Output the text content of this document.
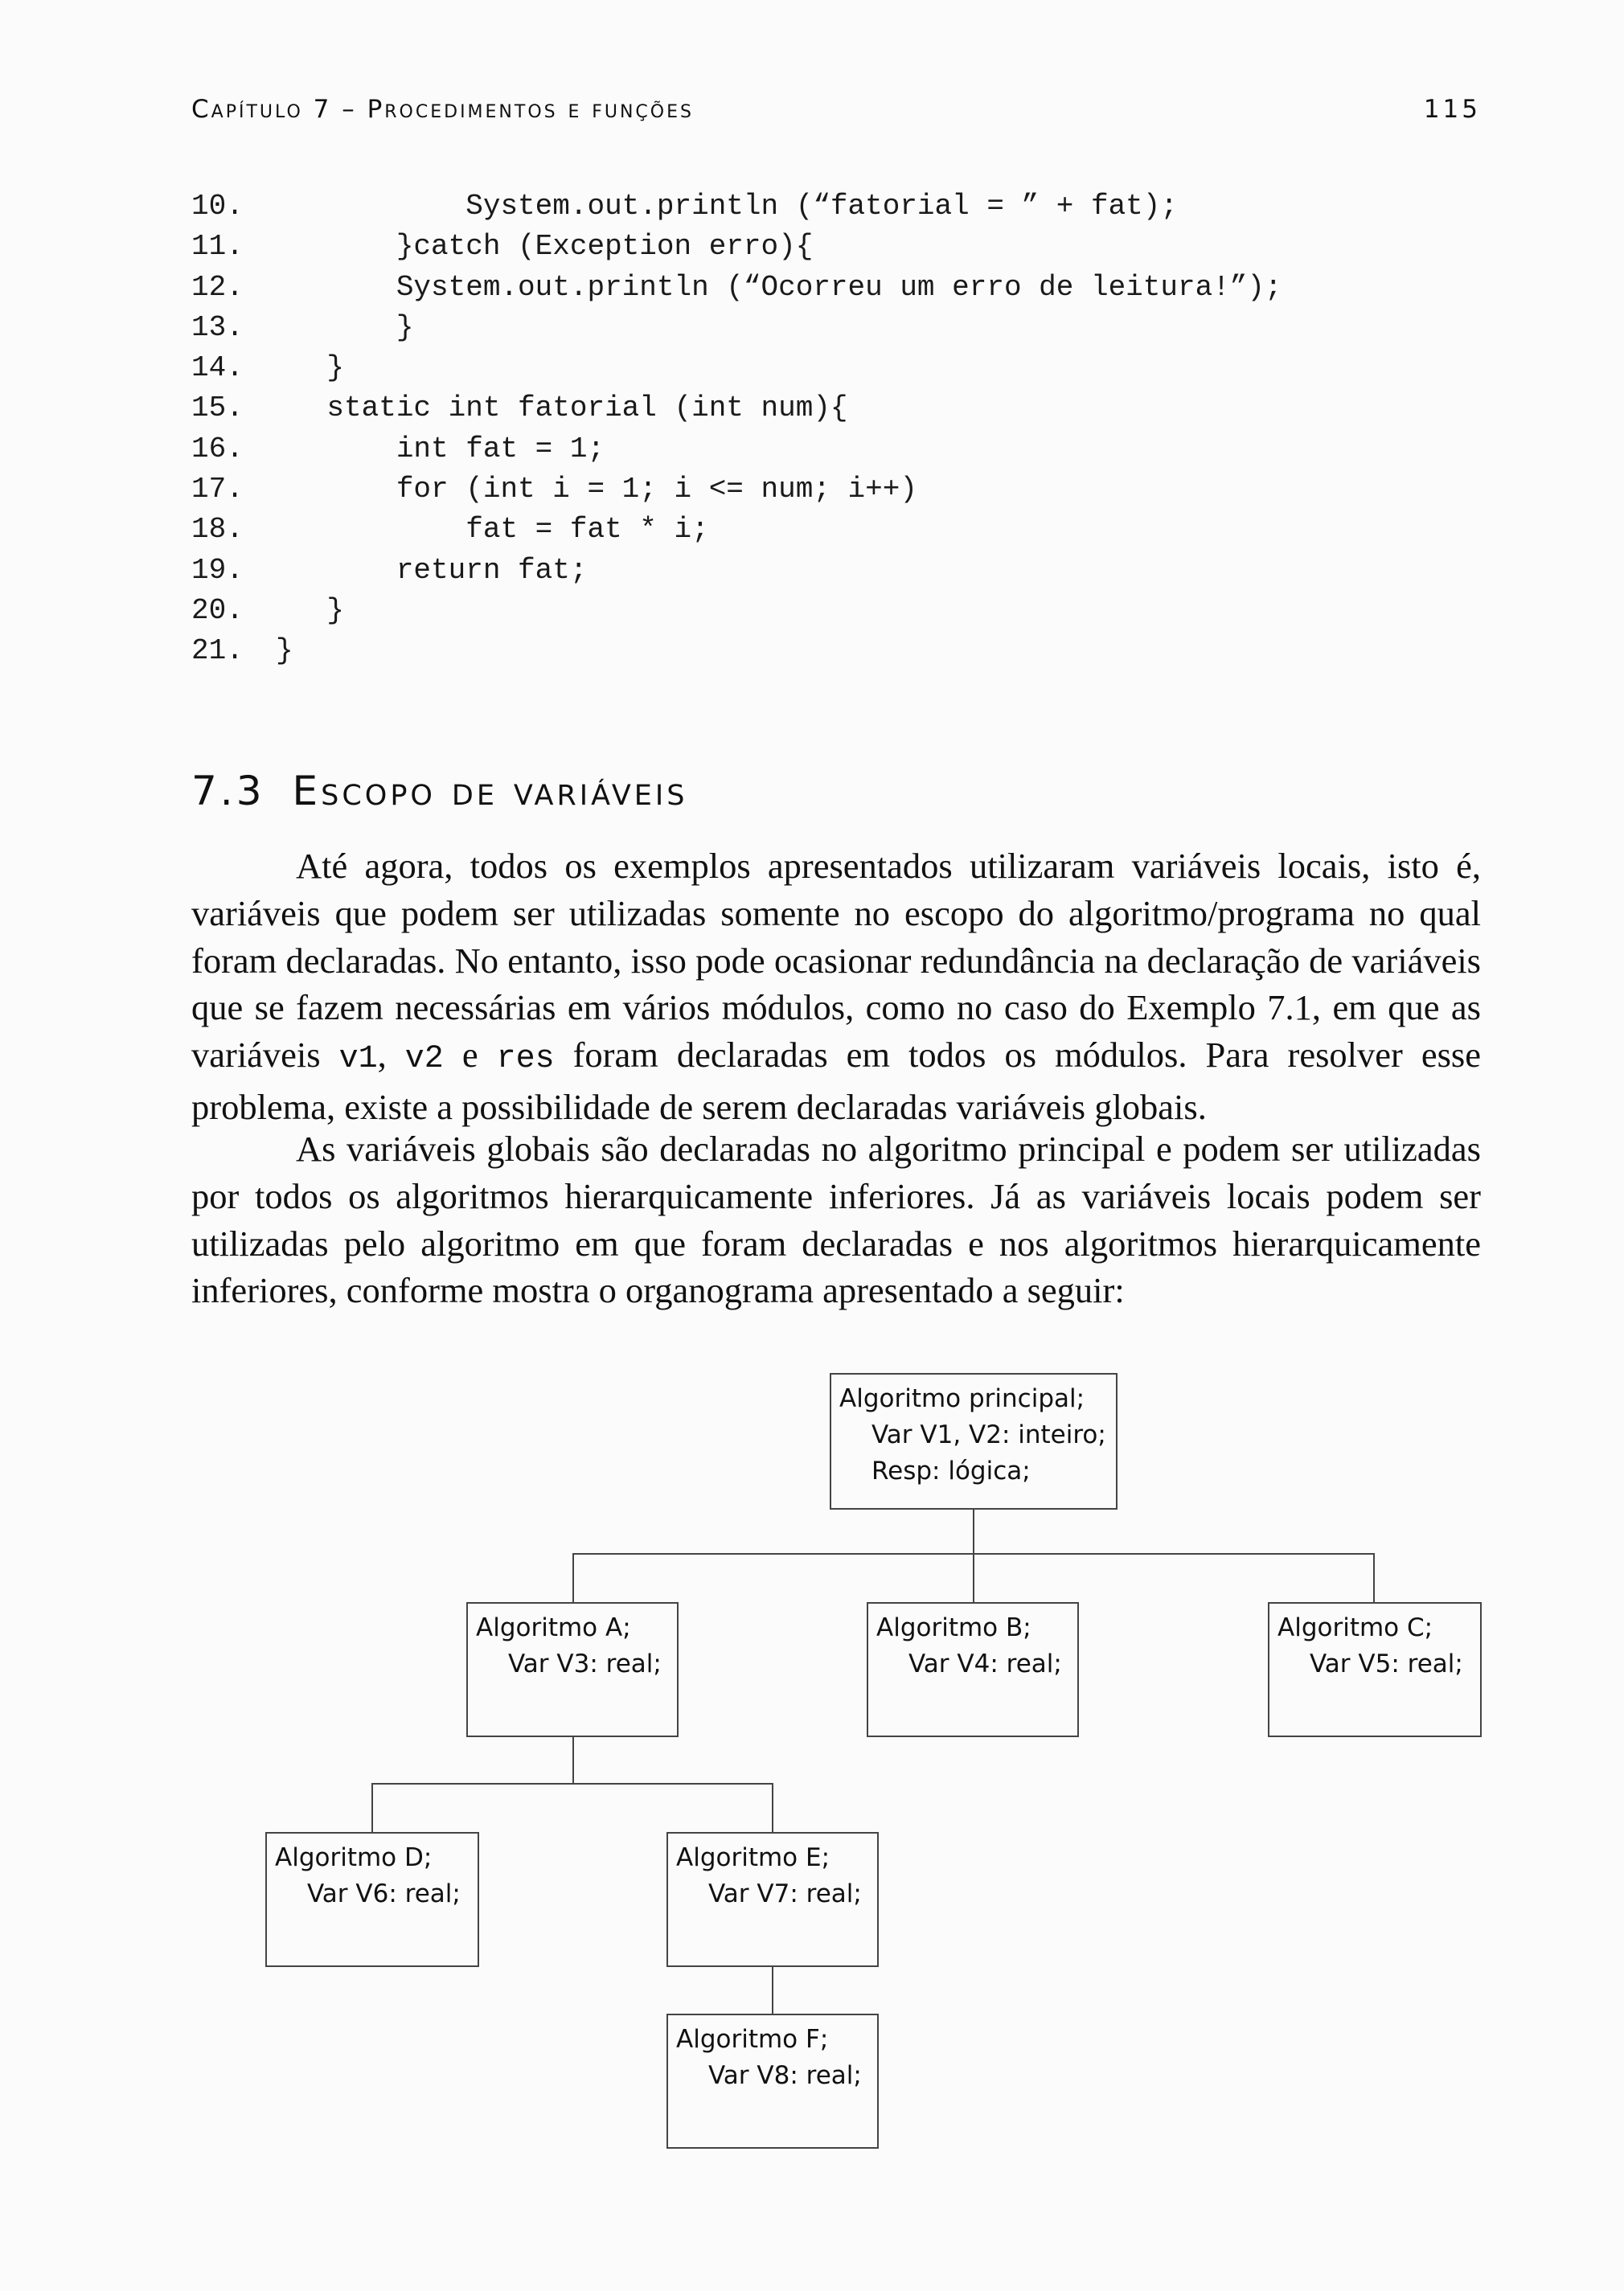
Capítulo 7 – Procedimentos e funções	115
10. System.out.println (“fatorial = ” + fat);
11. }catch (Exception erro){
12. System.out.println (“Ocorreu um erro de leitura!”);
13. }
14. }
15. static int fatorial (int num){
16. int fat = 1;
17. for (int i = 1; i <= num; i++)
18. fat = fat * i;
19. return fat;
20. }
21. }
7.3 Escopo de variáveis

Até agora, todos os exemplos apresentados utilizaram variáveis locais, isto é, variáveis que podem ser utilizadas somente no escopo do algoritmo/programa no qual foram declaradas. No entanto, isso pode ocasionar redundância na declaração de variáveis que se fazem necessárias em vários módulos, como no caso do Exemplo 7.1, em que as variáveis v1, v2 e res foram declaradas em todos os módulos. Para resolver esse problema, existe a possibilidade de serem declaradas variáveis globais.

As variáveis globais são declaradas no algoritmo principal e podem ser utilizadas por todos os algoritmos hierarquicamente inferiores. Já as variáveis locais podem ser utilizadas pelo algoritmo em que foram declaradas e nos algoritmos hierarquicamente inferiores, conforme mostra o organograma apresentado a seguir:

Algoritmo principal;
Var V1, V2: inteiro;
Resp: lógica;
Algoritmo A;
Var V3: real;
Algoritmo B;
Var V4: real;
Algoritmo C;
Var V5: real;
Algoritmo D;
Var V6: real;
Algoritmo E;
Var V7: real;
Algoritmo F;
Var V8: real;
